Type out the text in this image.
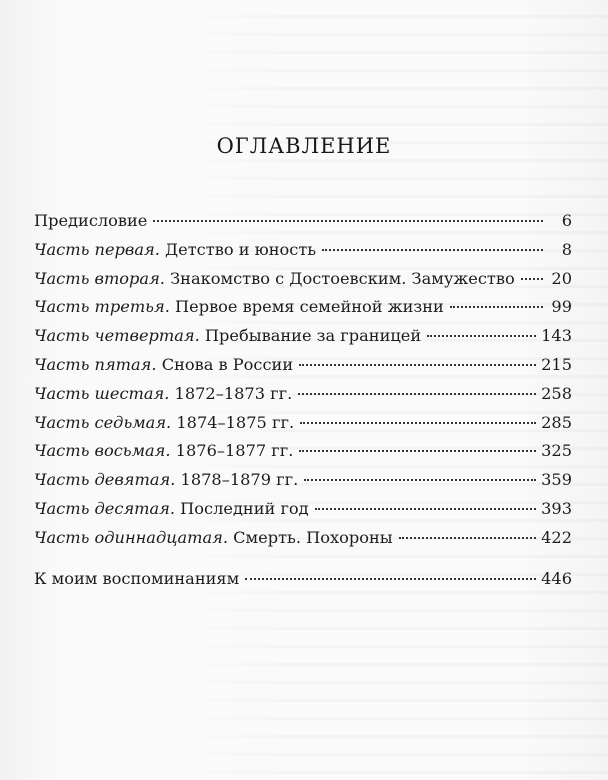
ОГЛАВЛЕНИЕ
Предисловие	6
Часть первая. Детство и юность	8
Часть вторая. Знакомство с Достоевским. Замужество 20
Часть третья. Первое время семейной жизни	99
Часть четвертая. Пребывание за границей	143
Часть пятая. Снова в России	215
Часть шестая. 1872–1873 гг.	258
Часть седьмая. 1874–1875 гг.	285
Часть восьмая. 1876–1877 гг.	325
Часть девятая. 1878–1879 гг.	359
Часть десятая. Последний год	393
Часть одиннадцатая. Смерть. Похороны	422
К моим воспоминаниям	446
